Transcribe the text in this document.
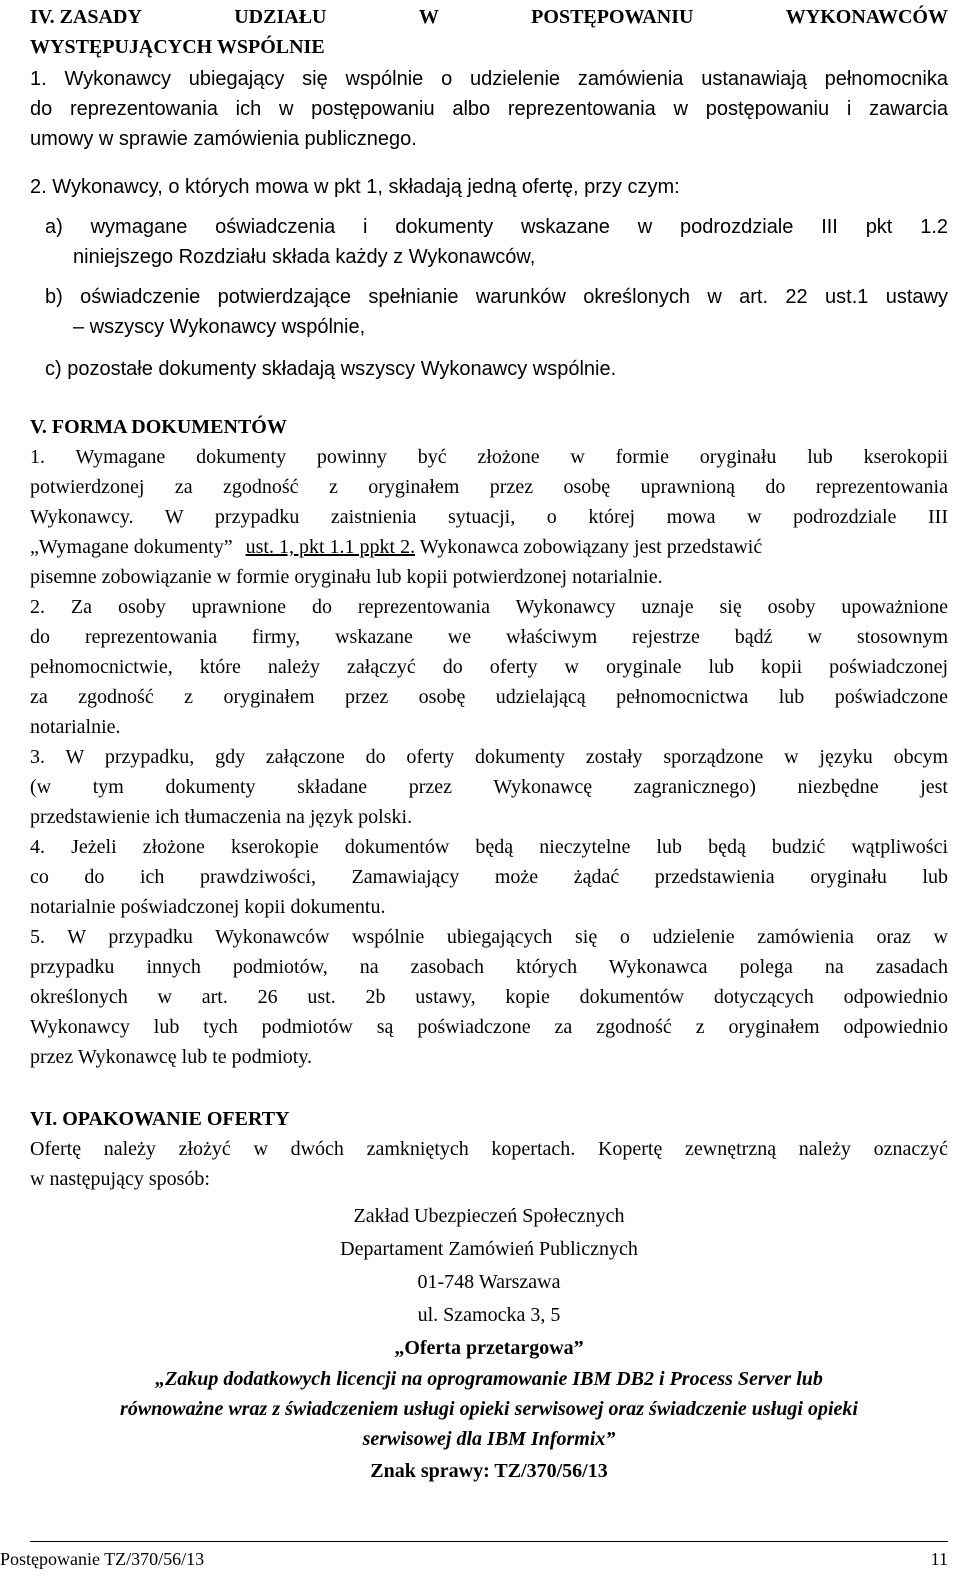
IV. ZASADY	UDZIAŁU	W	POSTĘPOWANIU	WYKONAWCÓW
WYSTĘPUJĄCYCH WSPÓLNIE
1. Wykonawcy ubiegający się wspólnie o udzielenie zamówienia ustanawiają pełnomocnika
do reprezentowania ich w postępowaniu albo reprezentowania w postępowaniu i zawarcia
umowy w sprawie zamówienia publicznego.
2. Wykonawcy, o których mowa w pkt 1, składają jedną ofertę, przy czym:
a) wymagane oświadczenia i dokumenty wskazane w podrozdziale III pkt 1.2
niniejszego Rozdziału składa każdy z Wykonawców,
b) oświadczenie potwierdzające spełnianie warunków określonych w art. 22 ust.1 ustawy
– wszyscy Wykonawcy wspólnie,
c) pozostałe dokumenty składają wszyscy Wykonawcy wspólnie.
V. FORMA DOKUMENTÓW
1. Wymagane dokumenty powinny być złożone w formie oryginału lub kserokopii
potwierdzonej za zgodność z oryginałem przez osobę uprawnioną do reprezentowania
Wykonawcy. W przypadku zaistnienia sytuacji, o której mowa w podrozdziale III
„Wymagane dokumenty” ust. 1, pkt 1.1 ppkt 2. Wykonawca zobowiązany jest przedstawić
pisemne zobowiązanie w formie oryginału lub kopii potwierdzonej notarialnie.
2. Za osoby uprawnione do reprezentowania Wykonawcy uznaje się osoby upoważnione
do reprezentowania firmy, wskazane we właściwym rejestrze bądź w stosownym
pełnomocnictwie, które należy załączyć do oferty w oryginale lub kopii poświadczonej
za zgodność z oryginałem przez osobę udzielającą pełnomocnictwa lub poświadczone
notarialnie.
3. W przypadku, gdy załączone do oferty dokumenty zostały sporządzone w języku obcym
(w tym dokumenty składane przez Wykonawcę zagranicznego) niezbędne jest
przedstawienie ich tłumaczenia na język polski.
4. Jeżeli złożone kserokopie dokumentów będą nieczytelne lub będą budzić wątpliwości
co do ich prawdziwości, Zamawiający może żądać przedstawienia oryginału lub
notarialnie poświadczonej kopii dokumentu.
5. W przypadku Wykonawców wspólnie ubiegających się o udzielenie zamówienia oraz w
przypadku innych podmiotów, na zasobach których Wykonawca polega na zasadach
określonych w art. 26 ust. 2b ustawy, kopie dokumentów dotyczących odpowiednio
Wykonawcy lub tych podmiotów są poświadczone za zgodność z oryginałem odpowiednio
przez Wykonawcę lub te podmioty.
VI. OPAKOWANIE OFERTY
Ofertę należy złożyć w dwóch zamkniętych kopertach. Kopertę zewnętrzną należy oznaczyć
w następujący sposób:
Zakład Ubezpieczeń Społecznych
Departament Zamówień Publicznych
01-748 Warszawa
ul. Szamocka 3, 5
„Oferta przetargowa”
„Zakup dodatkowych licencji na oprogramowanie IBM DB2 i Process Server lub
równoważne wraz z świadczeniem usługi opieki serwisowej oraz świadczenie usługi opieki
serwisowej dla IBM Informix”
Znak sprawy: TZ/370/56/13
Postępowanie TZ/370/56/13	11
